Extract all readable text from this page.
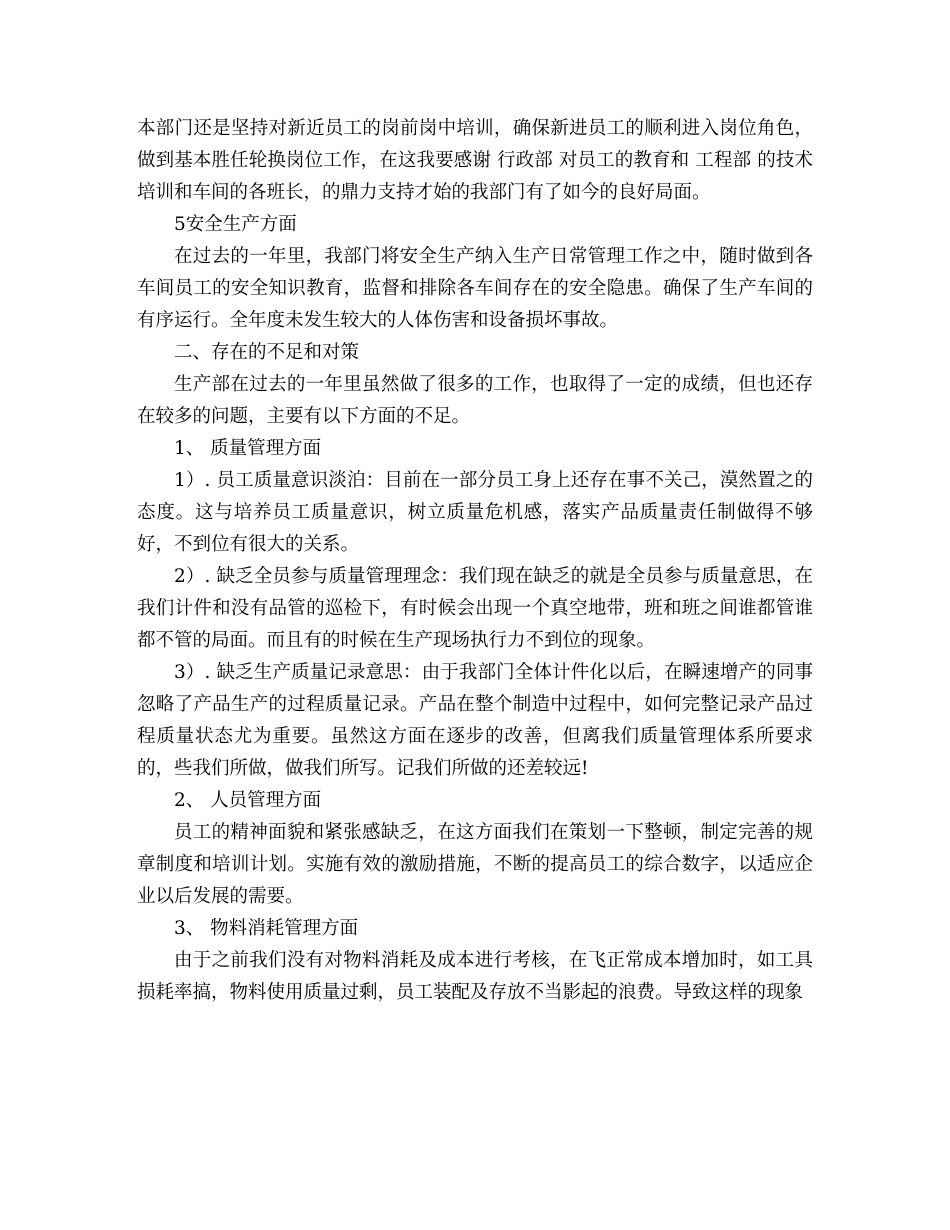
本部门还是坚持对新近员工的岗前岗中培训，确保新进员工的顺利进入岗位角色，做到基本胜任轮换岗位工作，在这我要感谢 行政部 对员工的教育和 工程部 的技术培训和车间的各班长，的鼎力支持才始的我部门有了如今的良好局面。

5安全生产方面

在过去的一年里，我部门将安全生产纳入生产日常管理工作之中，随时做到各车间员工的安全知识教育，监督和排除各车间存在的安全隐患。确保了生产车间的有序运行。全年度未发生较大的人体伤害和设备损坏事故。

二、存在的不足和对策

生产部在过去的一年里虽然做了很多的工作，也取得了一定的成绩，但也还存在较多的问题，主要有以下方面的不足。

1、 质量管理方面

1）. 员工质量意识淡泊：目前在一部分员工身上还存在事不关己，漠然置之的态度。这与培养员工质量意识，树立质量危机感，落实产品质量责任制做得不够好，不到位有很大的关系。

2）. 缺乏全员参与质量管理理念：我们现在缺乏的就是全员参与质量意思，在我们计件和没有品管的巡检下，有时候会出现一个真空地带，班和班之间谁都管谁都不管的局面。而且有的时候在生产现场执行力不到位的现象。

3）. 缺乏生产质量记录意思：由于我部门全体计件化以后，在瞬速增产的同事忽略了产品生产的过程质量记录。产品在整个制造中过程中，如何完整记录产品过程质量状态尤为重要。虽然这方面在逐步的改善，但离我们质量管理体系所要求的，些我们所做，做我们所写。记我们所做的还差较远!

2、 人员管理方面

员工的精神面貌和紧张感缺乏，在这方面我们在策划一下整顿，制定完善的规章制度和培训计划。实施有效的激励措施，不断的提高员工的综合数字，以适应企业以后发展的需要。

3、 物料消耗管理方面

由于之前我们没有对物料消耗及成本进行考核，在飞正常成本增加时，如工具损耗率搞，物料使用质量过剩，员工装配及存放不当影起的浪费。导致这样的现象
